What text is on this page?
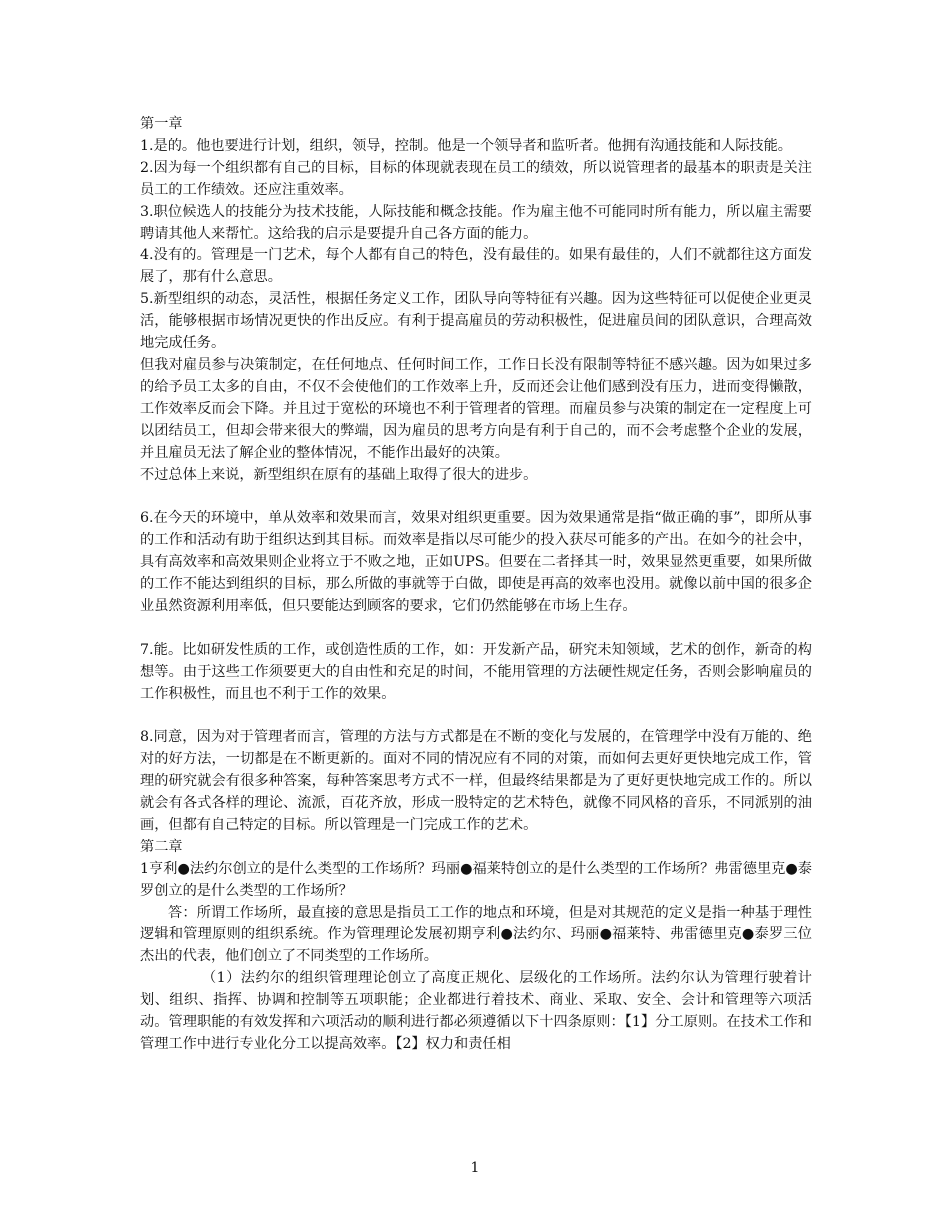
第一章

1.是的。他也要进行计划，组织，领导，控制。他是一个领导者和监听者。他拥有沟通技能和人际技能。

2.因为每一个组织都有自己的目标，目标的体现就表现在员工的绩效，所以说管理者的最基本的职责是关注员工的工作绩效。还应注重效率。

3.职位候选人的技能分为技术技能，人际技能和概念技能。作为雇主他不可能同时所有能力，所以雇主需要聘请其他人来帮忙。这给我的启示是要提升自己各方面的能力。

4.没有的。管理是一门艺术，每个人都有自己的特色，没有最佳的。如果有最佳的，人们不就都往这方面发展了，那有什么意思。

5.新型组织的动态，灵活性，根据任务定义工作，团队导向等特征有兴趣。因为这些特征可以促使企业更灵活，能够根据市场情况更快的作出反应。有利于提高雇员的劳动积极性，促进雇员间的团队意识，合理高效地完成任务。

但我对雇员参与决策制定，在任何地点、任何时间工作，工作日长没有限制等特征不感兴趣。因为如果过多的给予员工太多的自由，不仅不会使他们的工作效率上升，反而还会让他们感到没有压力，进而变得懒散，工作效率反而会下降。并且过于宽松的环境也不利于管理者的管理。而雇员参与决策的制定在一定程度上可以团结员工，但却会带来很大的弊端，因为雇员的思考方向是有利于自己的，而不会考虑整个企业的发展，并且雇员无法了解企业的整体情况，不能作出最好的决策。

不过总体上来说，新型组织在原有的基础上取得了很大的进步。

6.在今天的环境中，单从效率和效果而言，效果对组织更重要。因为效果通常是指“做正确的事”，即所从事的工作和活动有助于组织达到其目标。而效率是指以尽可能少的投入获尽可能多的产出。在如今的社会中，具有高效率和高效果则企业将立于不败之地，正如UPS。但要在二者择其一时，效果显然更重要，如果所做的工作不能达到组织的目标，那么所做的事就等于白做，即使是再高的效率也没用。就像以前中国的很多企业虽然资源利用率低，但只要能达到顾客的要求，它们仍然能够在市场上生存。

7.能。比如研发性质的工作，或创造性质的工作，如：开发新产品，研究未知领域，艺术的创作，新奇的构想等。由于这些工作须要更大的自由性和充足的时间，不能用管理的方法硬性规定任务，否则会影响雇员的工作积极性，而且也不利于工作的效果。

8.同意，因为对于管理者而言，管理的方法与方式都是在不断的变化与发展的，在管理学中没有万能的、绝对的好方法，一切都是在不断更新的。面对不同的情况应有不同的对策，而如何去更好更快地完成工作，管理的研究就会有很多种答案，每种答案思考方式不一样，但最终结果都是为了更好更快地完成工作的。所以就会有各式各样的理论、流派，百花齐放，形成一股特定的艺术特色，就像不同风格的音乐，不同派别的油画，但都有自己特定的目标。所以管理是一门完成工作的艺术。

第二章

1亨利●法约尔创立的是什么类型的工作场所？玛丽●福莱特创立的是什么类型的工作场所？弗雷德里克●泰罗创立的是什么类型的工作场所？

答：所谓工作场所，最直接的意思是指员工工作的地点和环境，但是对其规范的定义是指一种基于理性逻辑和管理原则的组织系统。作为管理理论发展初期亨利●法约尔、玛丽●福莱特、弗雷德里克●泰罗三位杰出的代表，他们创立了不同类型的工作场所。

（1）法约尔的组织管理理论创立了高度正规化、层级化的工作场所。法约尔认为管理行驶着计划、组织、指挥、协调和控制等五项职能；企业都进行着技术、商业、采取、安全、会计和管理等六项活动。管理职能的有效发挥和六项活动的顺利进行都必须遵循以下十四条原则：【1】分工原则。在技术工作和管理工作中进行专业化分工以提高效率。【2】权力和责任相

1
